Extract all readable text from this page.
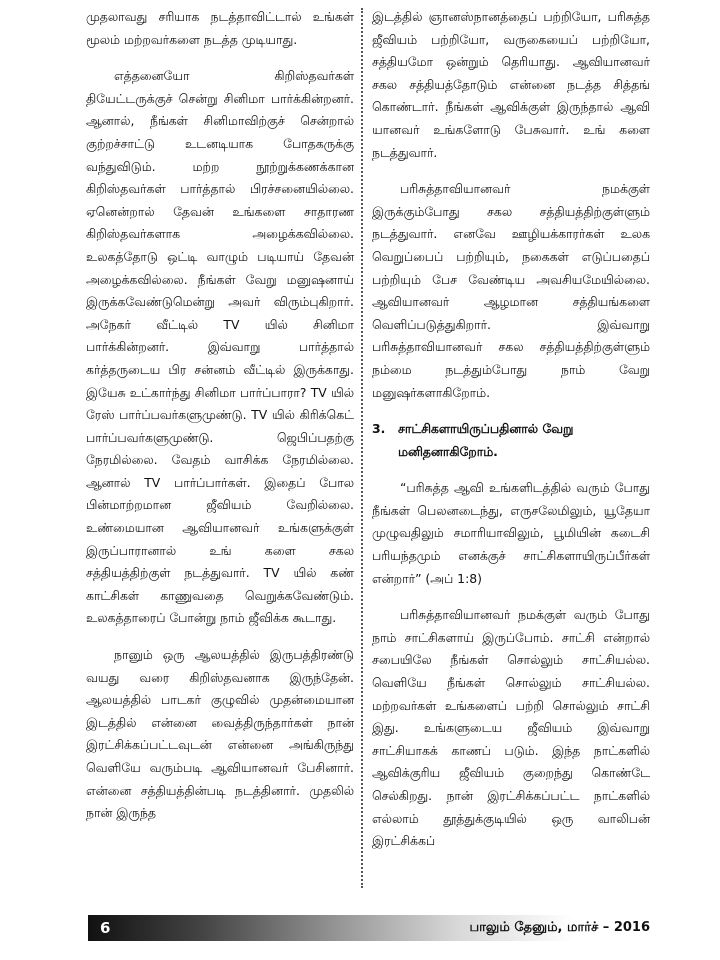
முதலாவது சரியாக நடத்தாவிட்டால் உங்கள் மூலம் மற்றவர்களை நடத்த முடியாது.

எத்தனையோ கிறிஸ்தவர்கள் தியேட்டருக்குச் சென்று சினிமா பார்க்கின்றனர். ஆனால், நீங்கள் சினிமாவிற்குச் சென்றால் குற்றச்சாட்டு உடனடியாக போதகருக்கு வந்துவிடும். மற்ற நூற்றுக்கணக்கான கிறிஸ்தவர்கள் பார்த்தால் பிரச்சனையில்லை. ஏனென்றால் தேவன் உங்களை சாதாரண கிறிஸ்தவர்களாக அழைக்கவில்லை. உலகத்தோடு ஒட்டி வாழும் படியாய் தேவன் அழைக்கவில்லை. நீங்கள் வேறு மனுஷனாய் இருக்கவேண்டுமென்று அவர் விரும்புகிறார். அநேகர் வீட்டில் TV யில் சினிமா பார்க்கின்றனர். இவ்வாறு பார்த்தால் கர்த்தருடைய பிர சன்னம் வீட்டில் இருக்காது. இயேசு உட்கார்ந்து சினிமா பார்ப்பாரா? TV யில் ரேஸ் பார்ப்பவர்களுமுண்டு. TV யில் கிரிக்கெட் பார்ப்பவர்களுமுண்டு. ஜெபிப்பதற்கு நேரமில்லை. வேதம் வாசிக்க நேரமில்லை. ஆனால் TV பார்ப்பார்கள். இதைப் போல பின்மாற்றமான ஜீவியம் வேறில்லை. உண்மையான ஆவியானவர் உங்களுக்குள் இருப்பாரானால் உங் களை சகல சத்தியத்திற்குள் நடத்துவார். TV யில் கண் காட்சிகள் காணுவதை வெறுக்கவேண்டும். உலகத்தாரைப் போன்று நாம் ஜீவிக்க கூடாது.

நானும் ஒரு ஆலயத்தில் இருபத்திரண்டு வயது வரை கிறிஸ்தவனாக இருந்தேன். ஆலயத்தில் பாடகர் குழுவில் முதன்மையான இடத்தில் என்னை வைத்திருந்தார்கள் நான் இரட்சிக்கப்பட்டவுடன் என்னை அங்கிருந்து வெளியே வரும்படி ஆவியானவர் பேசினார். என்னை சத்தியத்தின்படி நடத்தினார். முதலில் நான் இருந்த

இடத்தில் ஞானஸ்நானத்தைப் பற்றியோ, பரிசுத்த ஜீவியம் பற்றியோ, வருகையைப் பற்றியோ, சத்தியமோ ஒன்றும் தெரியாது. ஆவியானவர் சகல சத்தியத்தோடும் என்னை நடத்த சித்தங் கொண்டார். நீங்கள் ஆவிக்குள் இருந்தால் ஆவி யானவர் உங்களோடு பேசுவார். உங் களை நடத்துவார்.

பரிசுத்தாவியானவர் நமக்குள் இருக்கும்போது சகல சத்தியத்திற்குள்ளும் நடத்துவார். எனவே ஊழியக்காரர்கள் உலக வெறுப்பைப் பற்றியும், நகைகள் எடுப்பதைப் பற்றியும் பேச வேண்டிய அவசியமேயில்லை. ஆவியானவர் ஆழமான சத்தியங்களை வெளிப்படுத்துகிறார். இவ்வாறு பரிசுத்தாவியானவர் சகல சத்தியத்திற்குள்ளும் நம்மை நடத்தும்போது நாம் வேறு மனுஷர்களாகிறோம்.

3.	சாட்சிகளாயிருப்பதினால் வேறு மனிதனாகிறோம்.

“பரிசுத்த ஆவி உங்களிடத்தில் வரும் போது நீங்கள் பெலனடைந்து, எருசலேமிலும், யூதேயா முழுவதிலும் சமாரியாவிலும், பூமியின் கடைசி பரியந்தமும் எனக்குச் சாட்சிகளாயிருப்பீர்கள் என்றார்” (அப் 1:8)

பரிசுத்தாவியானவர் நமக்குள் வரும் போது நாம் சாட்சிகளாய் இருப்போம். சாட்சி என்றால் சபையிலே நீங்கள் சொல்லும் சாட்சியல்ல. வெளியே நீங்கள் சொல்லும் சாட்சியல்ல. மற்றவர்கள் உங்களைப் பற்றி சொல்லும் சாட்சி இது. உங்களுடைய ஜீவியம் இவ்வாறு சாட்சியாகக் காணப் படும். இந்த நாட்களில் ஆவிக்குரிய ஜீவியம் குறைந்து கொண்டே செல்கிறது. நான் இரட்சிக்கப்பட்ட நாட்களில் எல்லாம் தூத்துக்குடியில் ஒரு வாலிபன் இரட்சிக்கப்

6	பாலும் தேனும், மார்ச் – 2016
